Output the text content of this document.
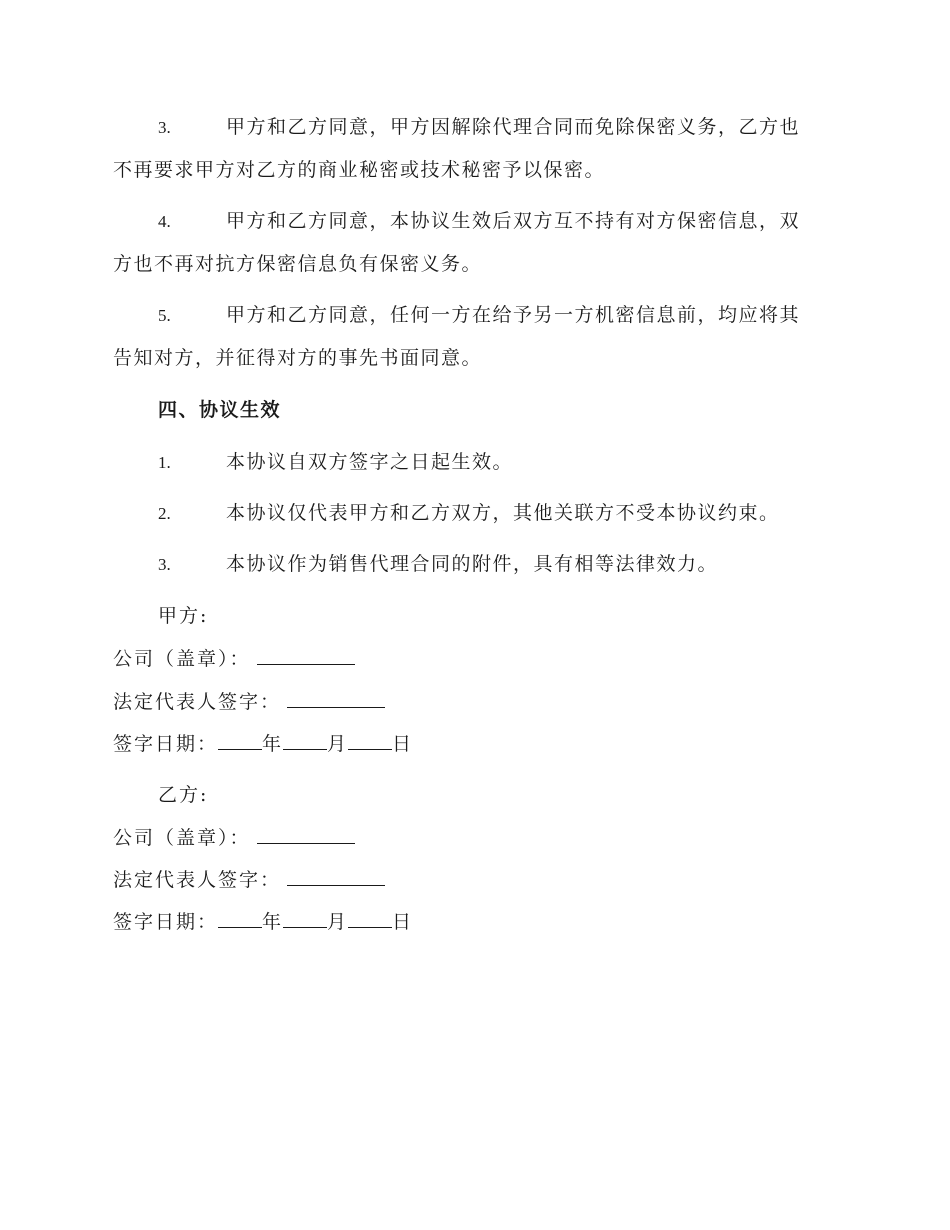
3.	甲方和乙方同意，甲方因解除代理合同而免除保密义务，乙方也
不再要求甲方对乙方的商业秘密或技术秘密予以保密。
4.	甲方和乙方同意，本协议生效后双方互不持有对方保密信息，双
方也不再对抗方保密信息负有保密义务。
5.	甲方和乙方同意，任何一方在给予另一方机密信息前，均应将其
告知对方，并征得对方的事先书面同意。
四、协议生效
1.	本协议自双方签字之日起生效。
2.	本协议仅代表甲方和乙方双方，其他关联方不受本协议约束。
3.	本协议作为销售代理合同的附件，具有相等法律效力。
甲方:
公司（盖章）：
法定代表人签字：
签字日期： 年 月 日
乙方:
公司（盖章）：
法定代表人签字：
签字日期： 年 月 日
